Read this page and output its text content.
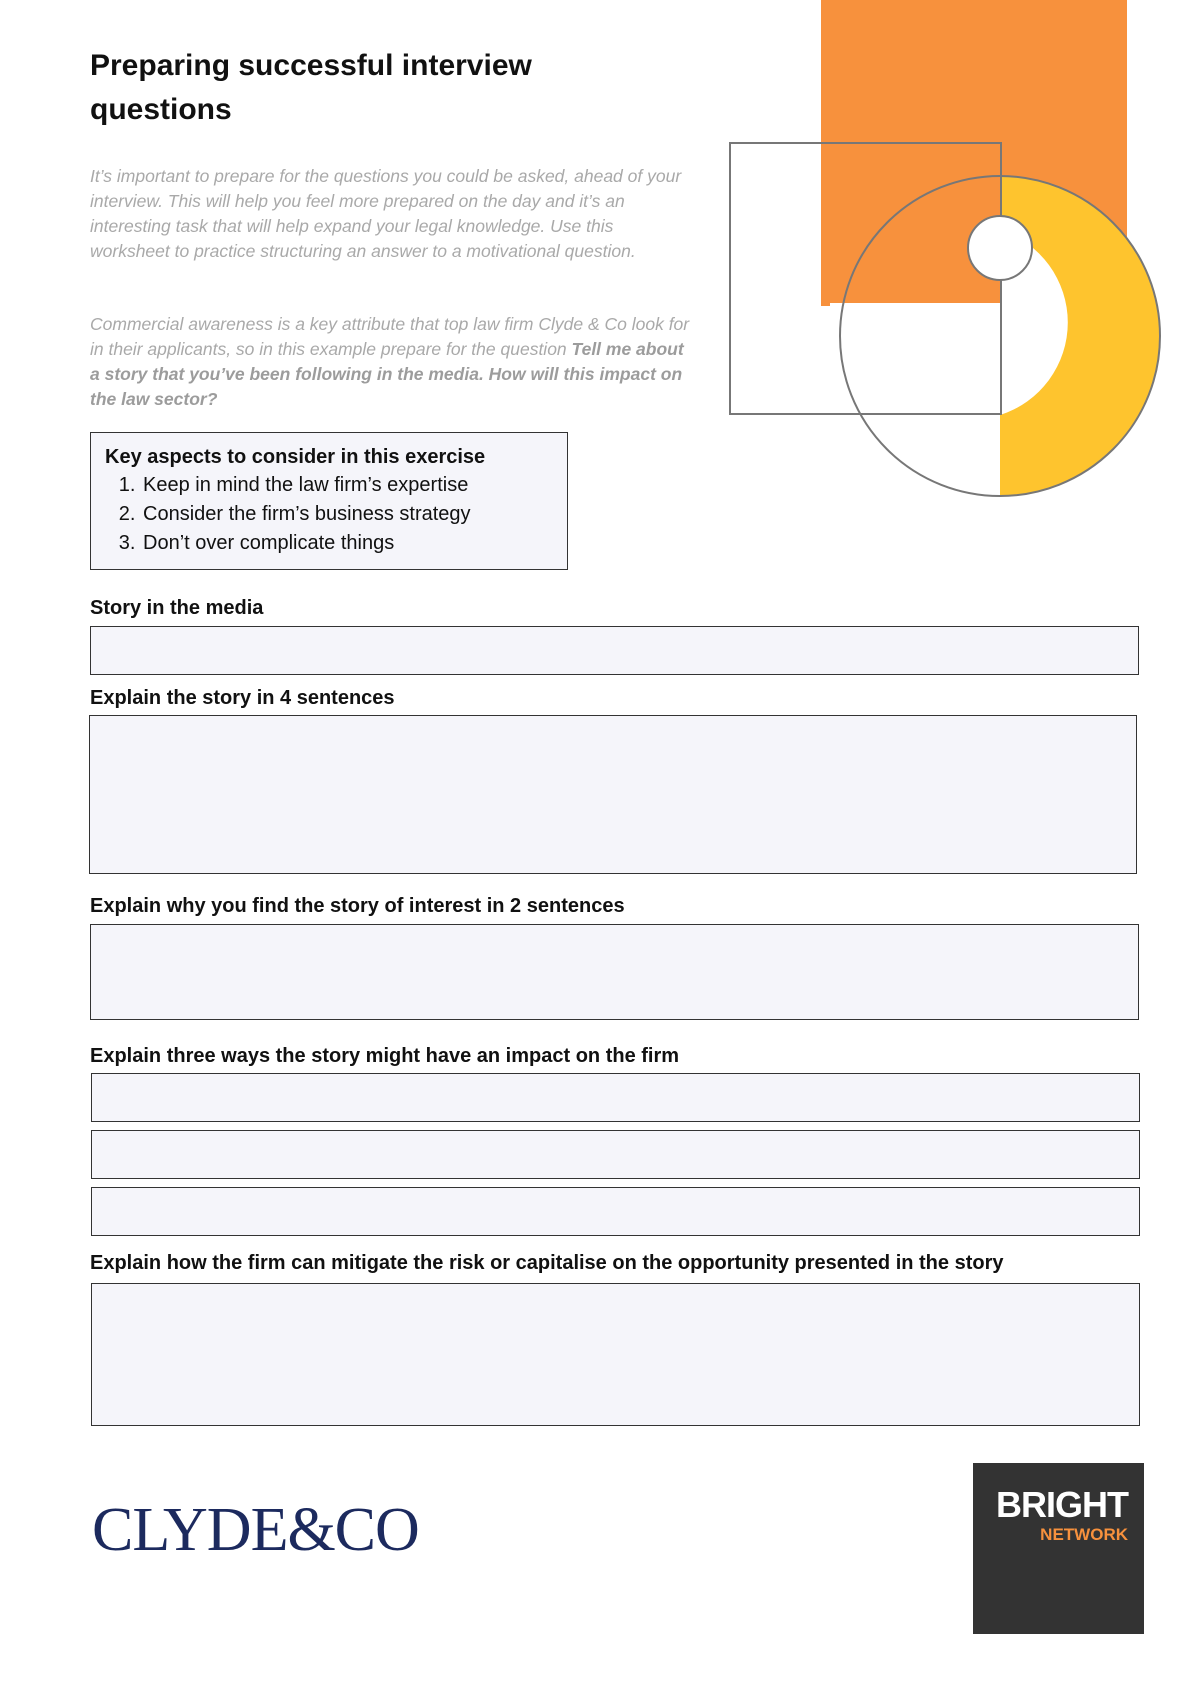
Preparing successful interview questions
It’s important to prepare for the questions you could be asked, ahead of your interview. This will help you feel more prepared on the day and it’s an interesting task that will help expand your legal knowledge. Use this worksheet to practice structuring an answer to a motivational question.
Commercial awareness is a key attribute that top law firm Clyde & Co look for in their applicants, so in this example prepare for the question Tell me about a story that you’ve been following in the media. How will this impact on the law sector?
Key aspects to consider in this exercise
1. Keep in mind the law firm’s expertise
2. Consider the firm’s business strategy
3. Don’t over complicate things
Story in the media
Explain the story in 4 sentences
Explain why you find the story of interest in 2 sentences
Explain three ways the story might have an impact on the firm
Explain how the firm can mitigate the risk or capitalise on the opportunity presented in the story
CLYDE&CO	BRIGHT
NETWORK
